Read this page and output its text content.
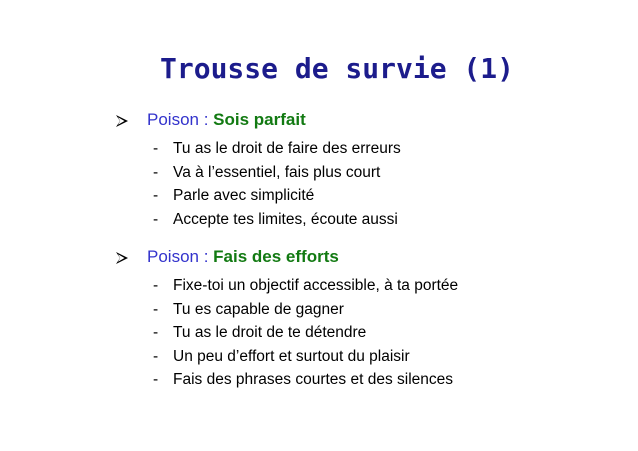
Trousse de survie (1)
Poison : Sois parfait
- Tu as le droit de faire des erreurs
- Va à l’essentiel, fais plus court
- Parle avec simplicité
- Accepte tes limites, écoute aussi
Poison : Fais des efforts
- Fixe-toi un objectif accessible, à ta portée
- Tu es capable de gagner
- Tu as le droit de te détendre
- Un peu d’effort et surtout du plaisir
- Fais des phrases courtes et des silences
